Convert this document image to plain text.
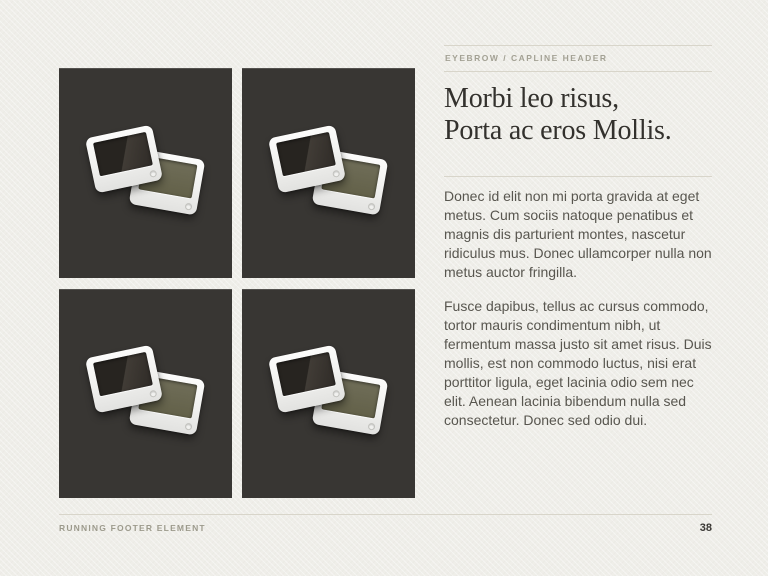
EYEBROW / CAPLINE HEADER
Morbi leo risus,
Porta ac eros Mollis.

Donec id elit non mi porta gravida at eget metus. Cum sociis natoque penatibus et magnis dis parturient montes, nascetur ridiculus mus. Donec ullamcorper nulla non metus auctor fringilla.

Fusce dapibus, tellus ac cursus commodo, tortor mauris condimentum nibh, ut fermentum massa justo sit amet risus. Duis mollis, est non commodo luctus, nisi erat porttitor ligula, eget lacinia odio sem nec elit. Aenean lacinia bibendum nulla sed consectetur. Donec sed odio dui.

RUNNING FOOTER ELEMENT	38
